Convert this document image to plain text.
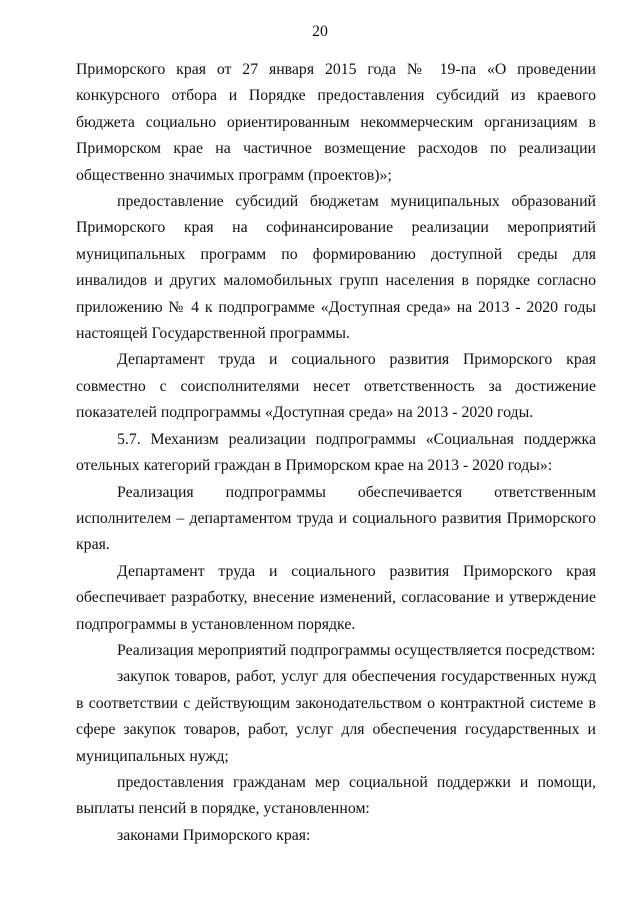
20

Приморского края от 27 января 2015 года № 19-па «О проведении конкурсного отбора и Порядке предоставления субсидий из краевого бюджета социально ориентированным некоммерческим организациям в Приморском крае на частичное возмещение расходов по реализации общественно значимых программ (проектов)»;

предоставление субсидий бюджетам муниципальных образований Приморского края на софинансирование реализации мероприятий муниципальных программ по формированию доступной среды для инвалидов и других маломобильных групп населения в порядке согласно приложению № 4 к подпрограмме «Доступная среда» на 2013 - 2020 годы настоящей Государственной программы.

Департамент труда и социального развития Приморского края совместно с соисполнителями несет ответственность за достижение показателей подпрограммы «Доступная среда» на 2013 - 2020 годы.

5.7. Механизм реализации подпрограммы «Социальная поддержка отельных категорий граждан в Приморском крае на 2013 - 2020 годы»:

Реализация подпрограммы обеспечивается ответственным исполнителем – департаментом труда и социального развития Приморского края.

Департамент труда и социального развития Приморского края обеспечивает разработку, внесение изменений, согласование и утверждение подпрограммы в установленном порядке.

Реализация мероприятий подпрограммы осуществляется посредством:

закупок товаров, работ, услуг для обеспечения государственных нужд в соответствии с действующим законодательством о контрактной системе в сфере закупок товаров, работ, услуг для обеспечения государственных и муниципальных нужд;

предоставления гражданам мер социальной поддержки и помощи, выплаты пенсий в порядке, установленном:

законами Приморского края:
